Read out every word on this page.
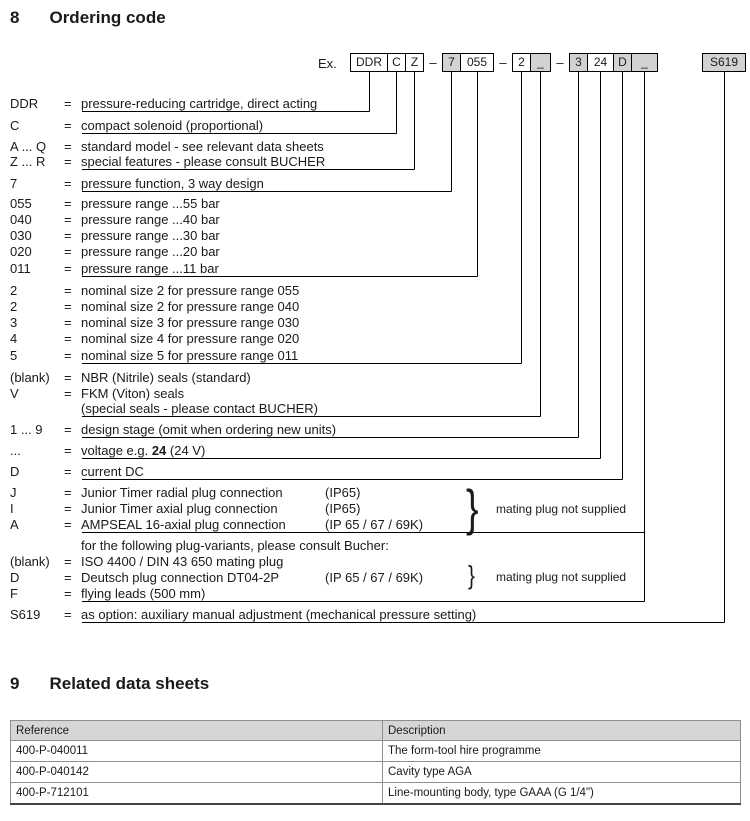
8 Ordering code
Ex.	DDR C Z – 7	055 – 2	_ – 3 24 D	_	S619
DDR = pressure-reducing cartridge, direct acting
C	= compact solenoid (proportional)
A ... Q = standard model - see relevant data sheets
Z ... R = special features - please consult BUCHER
7	= pressure function, 3 way design
055 = pressure range ...55 bar
040 = pressure range ...40 bar
030 = pressure range ...30 bar
020 = pressure range ...20 bar
011	= pressure range ...11 bar
2	= nominal size 2 for pressure range 055
2	= nominal size 2 for pressure range 040
3	= nominal size 3 for pressure range 030
4	= nominal size 4 for pressure range 020
5	= nominal size 5 for pressure range 011
(blank) = NBR (Nitrile) seals (standard)
V	= FKM (Viton) seals
(special seals - please contact BUCHER)
1 ... 9 = design stage (omit when ordering new units)
...	= voltage e.g. 24 (24 V)
D	= current DC
J	= Junior Timer radial plug connection	(IP65)
I	= Junior Timer axial plug connection	(IP65)
A	= AMPSEAL 16-axial plug connection	(IP 65 / 67 / 69K)
for the following plug-variants, please consult Bucher:
(blank) = ISO 4400 / DIN 43 650 mating plug
D	= Deutsch plug connection DT04-2P	(IP 65 / 67 / 69K)
F	= flying leads (500 mm)
S619 = as option: auxiliary manual adjustment (mechanical pressure setting)
} mating plug not supplied
} mating plug not supplied
9 Related data sheets
Reference	Description
400-P-040011	The form-tool hire programme
400-P-040142	Cavity type AGA
400-P-712101	Line-mounting body, type GAAA (G 1/4")
